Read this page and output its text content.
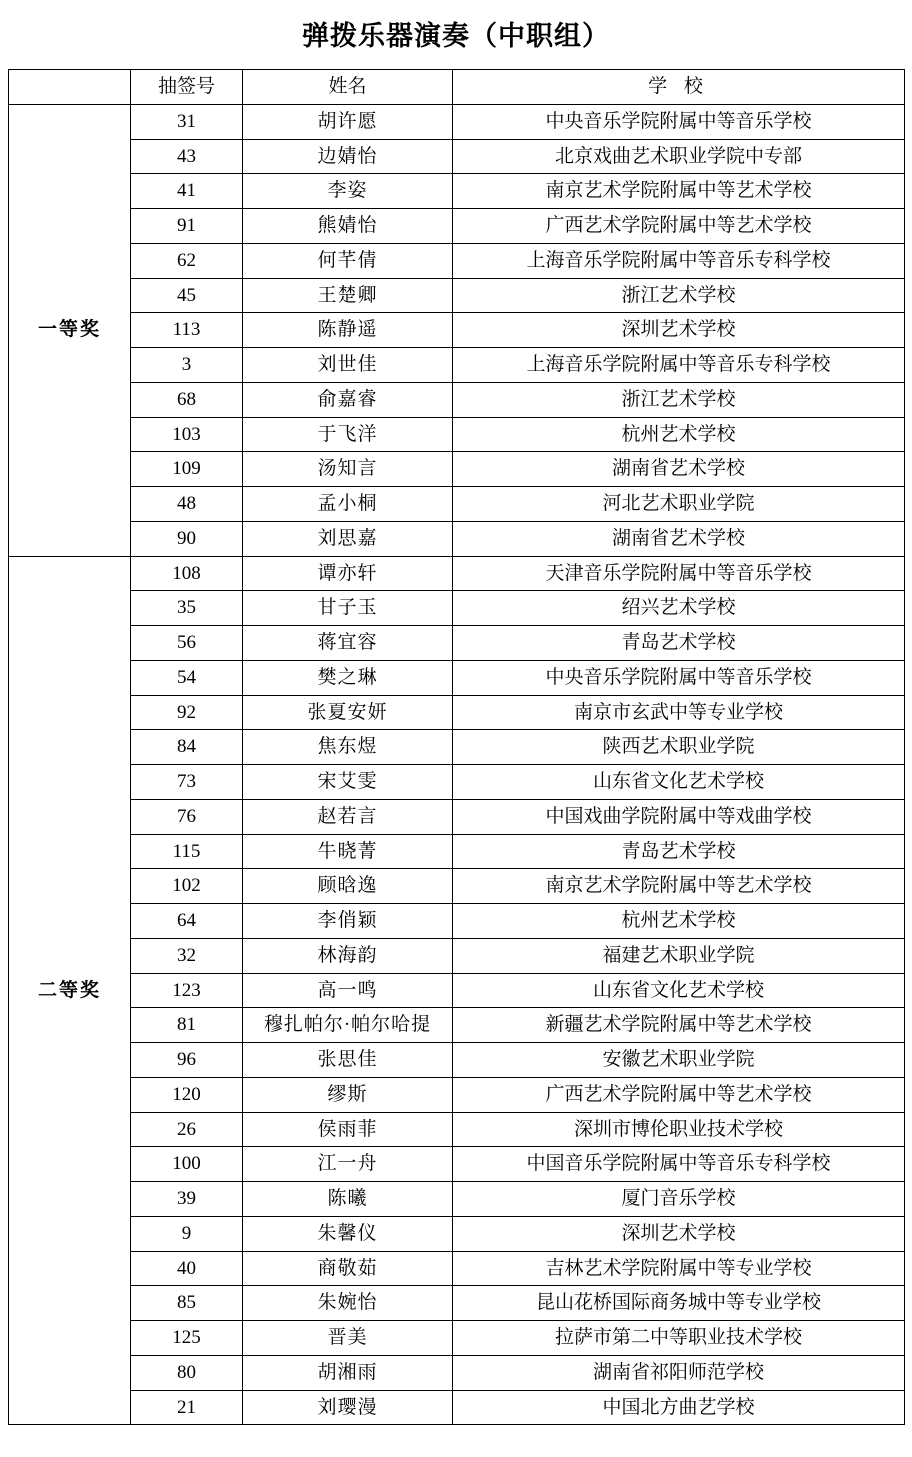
弹拨乐器演奏（中职组）
	抽签号	姓名	学 校
一等奖	31	胡许愿	中央音乐学院附属中等音乐学校
	43	边婧怡	北京戏曲艺术职业学院中专部
	41	李姿	南京艺术学院附属中等艺术学校
	91	熊婧怡	广西艺术学院附属中等艺术学校
	62	何芊倩	上海音乐学院附属中等音乐专科学校
	45	王楚卿	浙江艺术学校
	113	陈静遥	深圳艺术学校
	3	刘世佳	上海音乐学院附属中等音乐专科学校
	68	俞嘉睿	浙江艺术学校
	103	于飞洋	杭州艺术学校
	109	汤知言	湖南省艺术学校
	48	孟小桐	河北艺术职业学院
	90	刘思嘉	湖南省艺术学校
二等奖	108	谭亦轩	天津音乐学院附属中等音乐学校
	35	甘子玉	绍兴艺术学校
	56	蒋宜容	青岛艺术学校
	54	樊之琳	中央音乐学院附属中等音乐学校
	92	张夏安妍	南京市玄武中等专业学校
	84	焦东煜	陕西艺术职业学院
	73	宋艾雯	山东省文化艺术学校
	76	赵若言	中国戏曲学院附属中等戏曲学校
	115	牛晓菁	青岛艺术学校
	102	顾晗逸	南京艺术学院附属中等艺术学校
	64	李俏颖	杭州艺术学校
	32	林海韵	福建艺术职业学院
	123	高一鸣	山东省文化艺术学校
	81	穆扎帕尔·帕尔哈提	新疆艺术学院附属中等艺术学校
	96	张思佳	安徽艺术职业学院
	120	缪斯	广西艺术学院附属中等艺术学校
	26	侯雨菲	深圳市博伦职业技术学校
	100	江一舟	中国音乐学院附属中等音乐专科学校
	39	陈曦	厦门音乐学校
	9	朱馨仪	深圳艺术学校
	40	商敬茹	吉林艺术学院附属中等专业学校
	85	朱婉怡	昆山花桥国际商务城中等专业学校
	125	晋美	拉萨市第二中等职业技术学校
	80	胡湘雨	湖南省祁阳师范学校
	21	刘璎漫	中国北方曲艺学校
